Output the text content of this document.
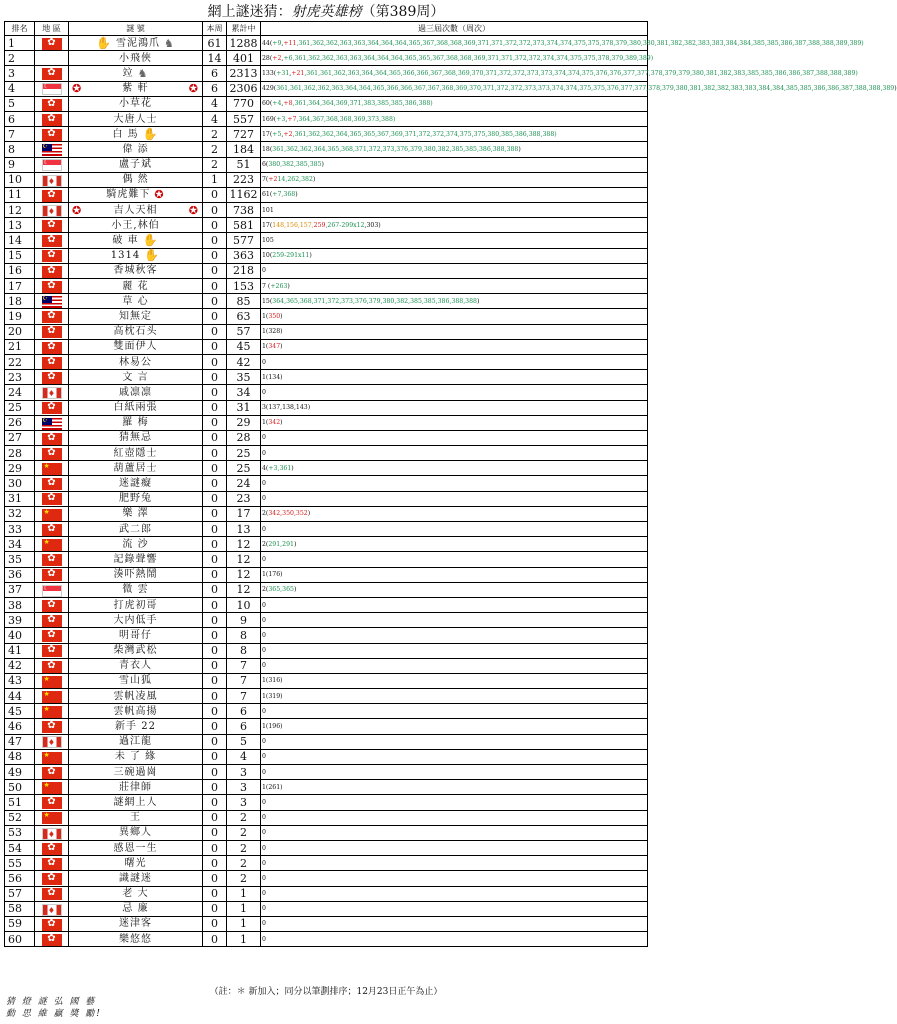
網上謎迷猜：射虎英雄榜（第389周）
排名	地 區	謎 號	本周	累計中	過三屆次數（周次）
1	✿	✋ 雪泥鴻爪 ♞	61	1288	44(+9,+11,361,362,362,363,363,364,364,364,365,367,368,368,369,371,371,372,372,373,374,374,375,375,378,379,380,380,381,382,382,383,383,384,384,385,385,386,387,388,388,389,389)
2		小飛俠	14	401	28(+2,+6,361,362,362,363,363,364,364,364,365,365,367,368,368,369,371,371,372,372,374,374,375,375,378,379,389,389)
3	✿	竝 ♞	6	2313	133(+31,+21,361,361,362,363,364,364,365,366,366,367,368,369,370,371,372,372,373,373,374,374,375,376,376,377,377,378,379,379,380,381,382,383,385,385,386,386,387,388,388,389)
4	☾	✪ 紫 軒 ✪	6	2306	429(361,361,362,362,363,364,364,365,366,366,367,367,368,369,370,371,372,372,373,373,374,374,375,375,376,377,377,378,379,380,381,382,382,383,383,384,384,385,385,386,386,387,388,388,389)
5	✿	小草花	4	770	60(+4,+8,361,364,364,369,371,383,385,385,386,388)
6	✿	大唐人士	4	557	169(+3,+7,364,367,368,368,369,373,388)
7	✿	白 馬 ✋	2	727	17(+5,+2,361,362,362,364,365,365,367,369,371,372,372,374,375,375,380,385,386,388,388)
8	☪	偉 添	2	184	18(361,362,362,364,365,368,371,372,373,376,379,380,382,385,385,386,388,388)
9	☾	盧子斌	2	51	6(380,382,385,385)
10	♦	偶 然	1	223	7(+214,262,382)
11	✿	騎虎難下 ✪	0	1162	61(+7,368)
12	♦	✪ 吉人天相 ✪	0	738	101
13	✿	小王,林伯	0	581	17(148,156,157,259,267-299x12,303)
14	✿	破 車 ✋	0	577	105
15	✿	1314 ✋	0	363	10(259-291x11)
16	✿	香城秋客	0	218	0
17	✿	麗 花	0	153	7 (+263)
18	☪	草 心	0	85	15(364,365,368,371,372,373,376,379,380,382,385,385,386,388,388)
19	✿	知無定	0	63	1(350)
20	✿	高枕石头	0	57	1(328)
21	✿	雙面伊人	0	45	1(347)
22	✿	林易公	0	42	0
23	✿	文 言	0	35	1(134)
24	♦	戚凛凛	0	34	0
25	✿	白紙兩張	0	31	3(137,138,143)
26	☪	羅 梅	0	29	1(342)
27	✿	猜無忌	0	28	0
28	✿	紅壺隱士	0	25	0
29	★	葫蘆居士	0	25	4(+3,361)
30	✿	迷謎癡	0	24	0
31	✿	肥野兔	0	23	0
32	★	樂 澤	0	17	2(342,350,352)
33	✿	武二郎	0	13	0
34	★	流 沙	0	12	2(291,291)
35	✿	記錄聲響	0	12	0
36	✿	湊吓熱鬧	0	12	1(176)
37	☾	微 雲	0	12	2(365,365)
38	✿	打虎初哥	0	10	0
39	✿	大内低手	0	9	0
40	✿	明哥仔	0	8	0
41	✿	柴灣武松	0	8	0
42	✿	青衣人	0	7	0
43	★	雪山狐	0	7	1(316)
44	★	雲帆凌風	0	7	1(319)
45	★	雲帆高揚	0	6	0
46	✿	新手 22	0	6	1(196)
47	♦	過江龍	0	5	0
48	★	未 了 緣	0	4	0
49	✿	三碗過崗	0	3	0
50	★	莊律師	0	3	1(261)
51	✿	謎網上人	0	3	0
52	★	王	0	2	0
53	♦	異鄉人	0	2	0
54	✿	感恩一生	0	2	0
55	✿	曙光	0	2	0
56	✿	識謎迷	0	2	0
57	✿	老 大	0	1	0
58	♦	忌 廉	0	1	0
59	✿	迷津客	0	1	0
60	✿	樂悠悠	0	1	0
（註：＊ 新加入；同分以筆劃排序；12月23日正午為止）
猜 燈 謎 弘 國 藝
動 思 維 贏 獎 勵!
